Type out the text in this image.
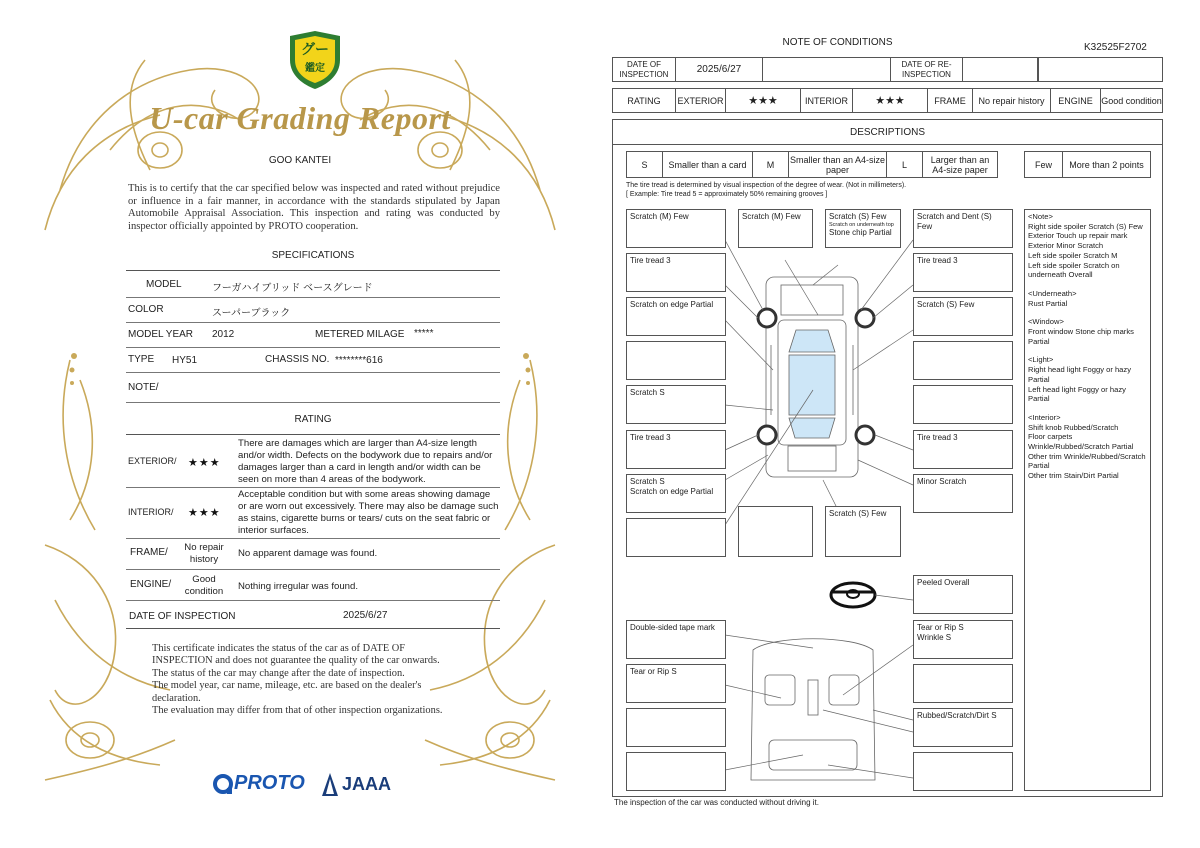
グー
鑑定
U-car Grading Report
GOO KANTEI
This is to certify that the car specified below was inspected and rated without prejudice or influence in a fair manner, in accordance with the standards stipulated by Japan Automobile Appraisal Association. This inspection and rating was conducted by inspector officially appointed by PROTO cooperation.
SPECIFICATIONS
MODEL	フーガハイブリッド ベースグレード
COLOR	スーパーブラック
MODEL YEAR 2012	METERED MILAGE *****
TYPE HY51	CHASSIS NO. ********616
NOTE/
RATING
EXTERIOR/ ★★★
There are damages which are larger than A4-size length and/or width. Defects on the bodywork due to repairs and/or damages larger than a card in length and/or width can be seen on more than 4 areas of the bodywork.
INTERIOR/ ★★★
Acceptable condition but with some areas showing damage or are worn out excessively. There may also be damage such as stains, cigarette burns or tears/ cuts on the seat fabric or interior surfaces.
FRAME/	No repair history
No apparent damage was found.
ENGINE/	Good condition	Nothing irregular was found.
DATE OF INSPECTION	2025/6/27
This certificate indicates the status of the car as of DATE OF
INSPECTION and does not guarantee the quality of the car onwards.
The status of the car may change after the date of inspection.
The model year, car name, mileage, etc. are based on the dealer's
declaration.
The evaluation may differ from that of other inspection organizations.
PROTO JAAA
NOTE OF CONDITIONS	K32525F2702
DATE OF INSPECTION	2025/6/27	DATE OF RE-INSPECTION
RATING	EXTERIOR	★★★	INTERIOR	★★★	FRAME	No repair history	ENGINE Good condition
DESCRIPTIONS
S	Smaller than a card	M	Smaller than an A4-size paper	L	Larger than an A4-size paper	Few	More than 2 points
The tire tread is determined by visual inspection of the degree of wear. (Not in millimeters).
[ Example: Tire tread 5 = approximately 50% remaining grooves ]
Scratch (M) Few
Tire tread 3
Scratch on edge Partial
Scratch S
Tire tread 3
Scratch S
Scratch on edge Partial
Double-sided tape mark
Tear or Rip S
Scratch (M) Few	Scratch (S) Few
Scratch on underneath top
Stone chip Partial
Scratch (S) Few
Scratch and Dent (S) Few
Tire tread 3
Scratch (S) Few
Tire tread 3
Minor Scratch
Peeled Overall
Tear or Rip S
Wrinkle S
Rubbed/Scratch/Dirt S
<Note>
Right side spoiler Scratch (S) Few
Exterior Touch up repair mark
Exterior Minor Scratch
Left side spoiler Scratch M
Left side spoiler Scratch on underneath Overall
<Underneath>
Rust Partial
<Window>
Front window Stone chip marks Partial
<Light>
Right head light Foggy or hazy Partial
Left head light Foggy or hazy Partial
<Interior>
Shift knob Rubbed/Scratch
Floor carpets Wrinkle/Rubbed/Scratch Partial
Other trim Wrinkle/Rubbed/Scratch Partial
Other trim Stain/Dirt Partial
The inspection of the car was conducted without driving it.
